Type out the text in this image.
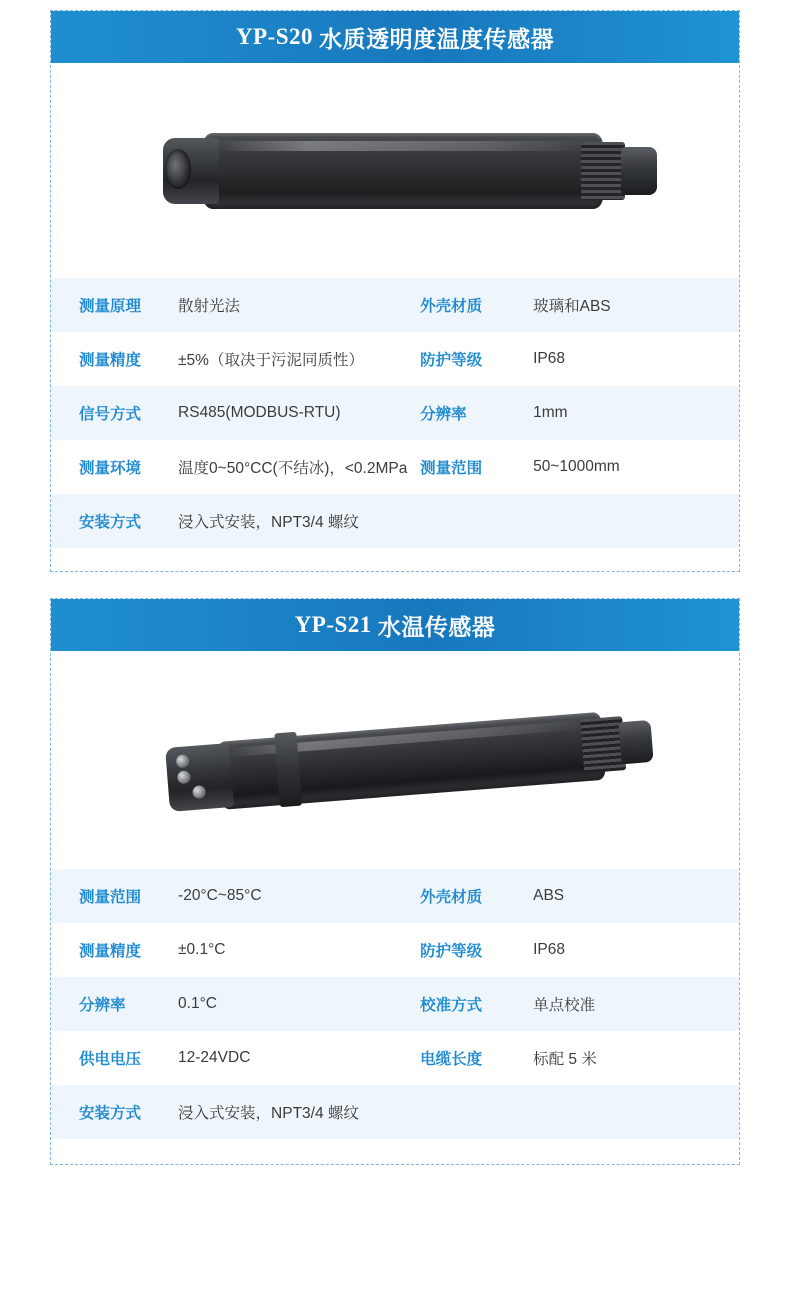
YP-S20 水质透明度温度传感器
测量原理	散射光法	外壳材质	玻璃和ABS
测量精度	±5%（取决于污泥同质性）	防护等级	IP68
信号方式	RS485(MODBUS-RTU)	分辨率	1mm
测量环境	温度0~50°CC(不结冰)，<0.2MPa	测量范围	50~1000mm
安装方式	浸入式安装，NPT3/4 螺纹		
YP-S21 水温传感器
测量范围	-20°C~85°C	外壳材质	ABS
测量精度	±0.1°C	防护等级	IP68
分辨率	0.1°C	校准方式	单点校准
供电电压	12-24VDC	电缆长度	标配 5 米
安装方式	浸入式安装，NPT3/4 螺纹		
